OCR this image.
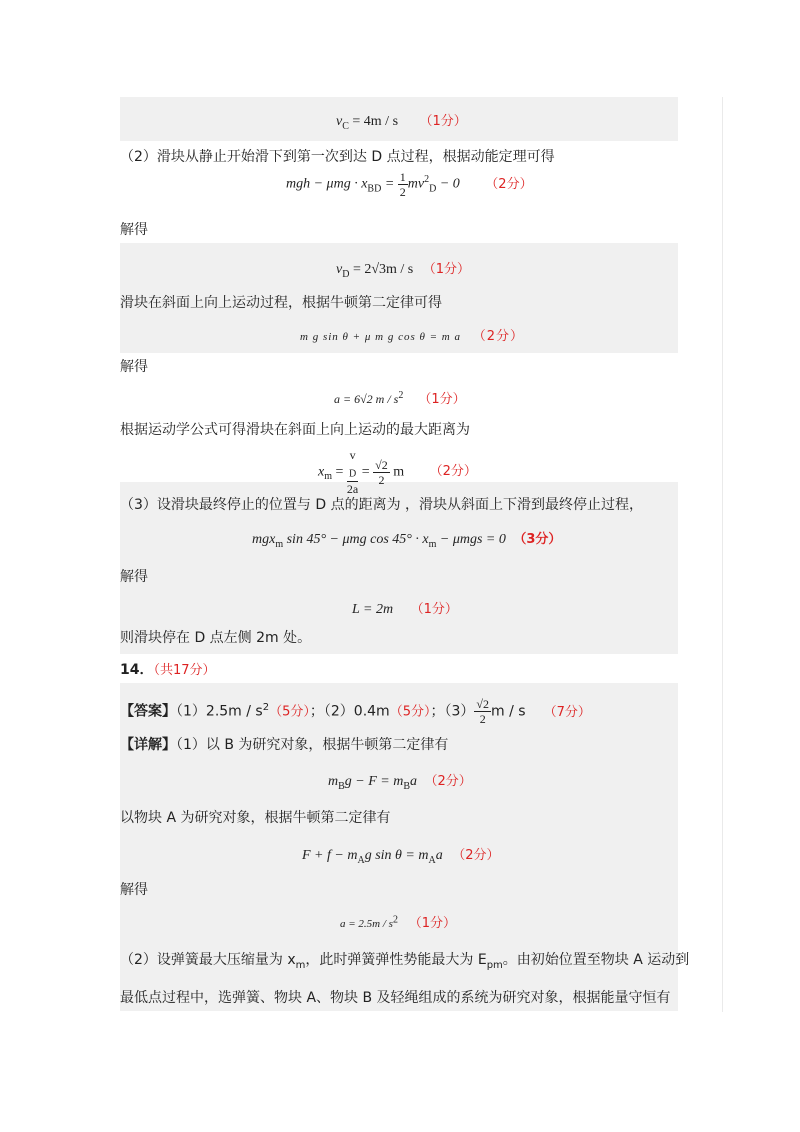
$v_C = 4m / s$ （1分）
（2）滑块从静止开始滑下到第一次到达 D 点过程，根据动能定理可得
mgh − $\mu mg \cdot x_{BD} = \frac{1}{2} mv^2_D - 0$ （2分）
解得
$v_D = 2√3m / s$ （1分）
滑块在斜面上向上运动过程，根据牛顿第二定律可得
m g sin θ + μ m g cos θ = m a （2分）
解得
a = 6√2 m / $s^2$ （1分）
根据运动学公式可得滑块在斜面上向上运动的最大距离为
$x_m = v$
$_D$
$2a = \frac{√2}{2}$ m （2分）
（3）设滑块最终停止的位置与 D 点的距离为 ，滑块从斜面上下滑到最终停止过程，
mgx$_m$ sin 45° − μmg $\cos 45^\circ \cdot x_m - \mu mgs = 0$ （3分）
解得
L = 2m （1分）
则滑块停在 D 点左侧 2m 处。
14．（共17分）
【答案】$(1)2.5m / s^2(5$分）；（2）0.4m（5分）；$(3) \frac{√2}{2}$ m / s （7分）
【详解】（1）以 B 为研究对象，根据牛顿第二定律有
$m_Bg - F = m_Ba$ （2分）
以物块 A 为研究对象，根据牛顿第二定律有
$F + f - m_Ag$ $\sin \theta = m_Aa$ （2分）
解得
$a = 2.5m / s^2$ （1分）
（2）设弹簧最大压缩量为 $x_m$，此时弹簧弹性势能最大为 $E_{pm}$。由初始位置至物块 A 运动到
最低点过程中，选弹簧、物块 A、物块 B 及轻绳组成的系统为研究对象，根据能量守恒有
